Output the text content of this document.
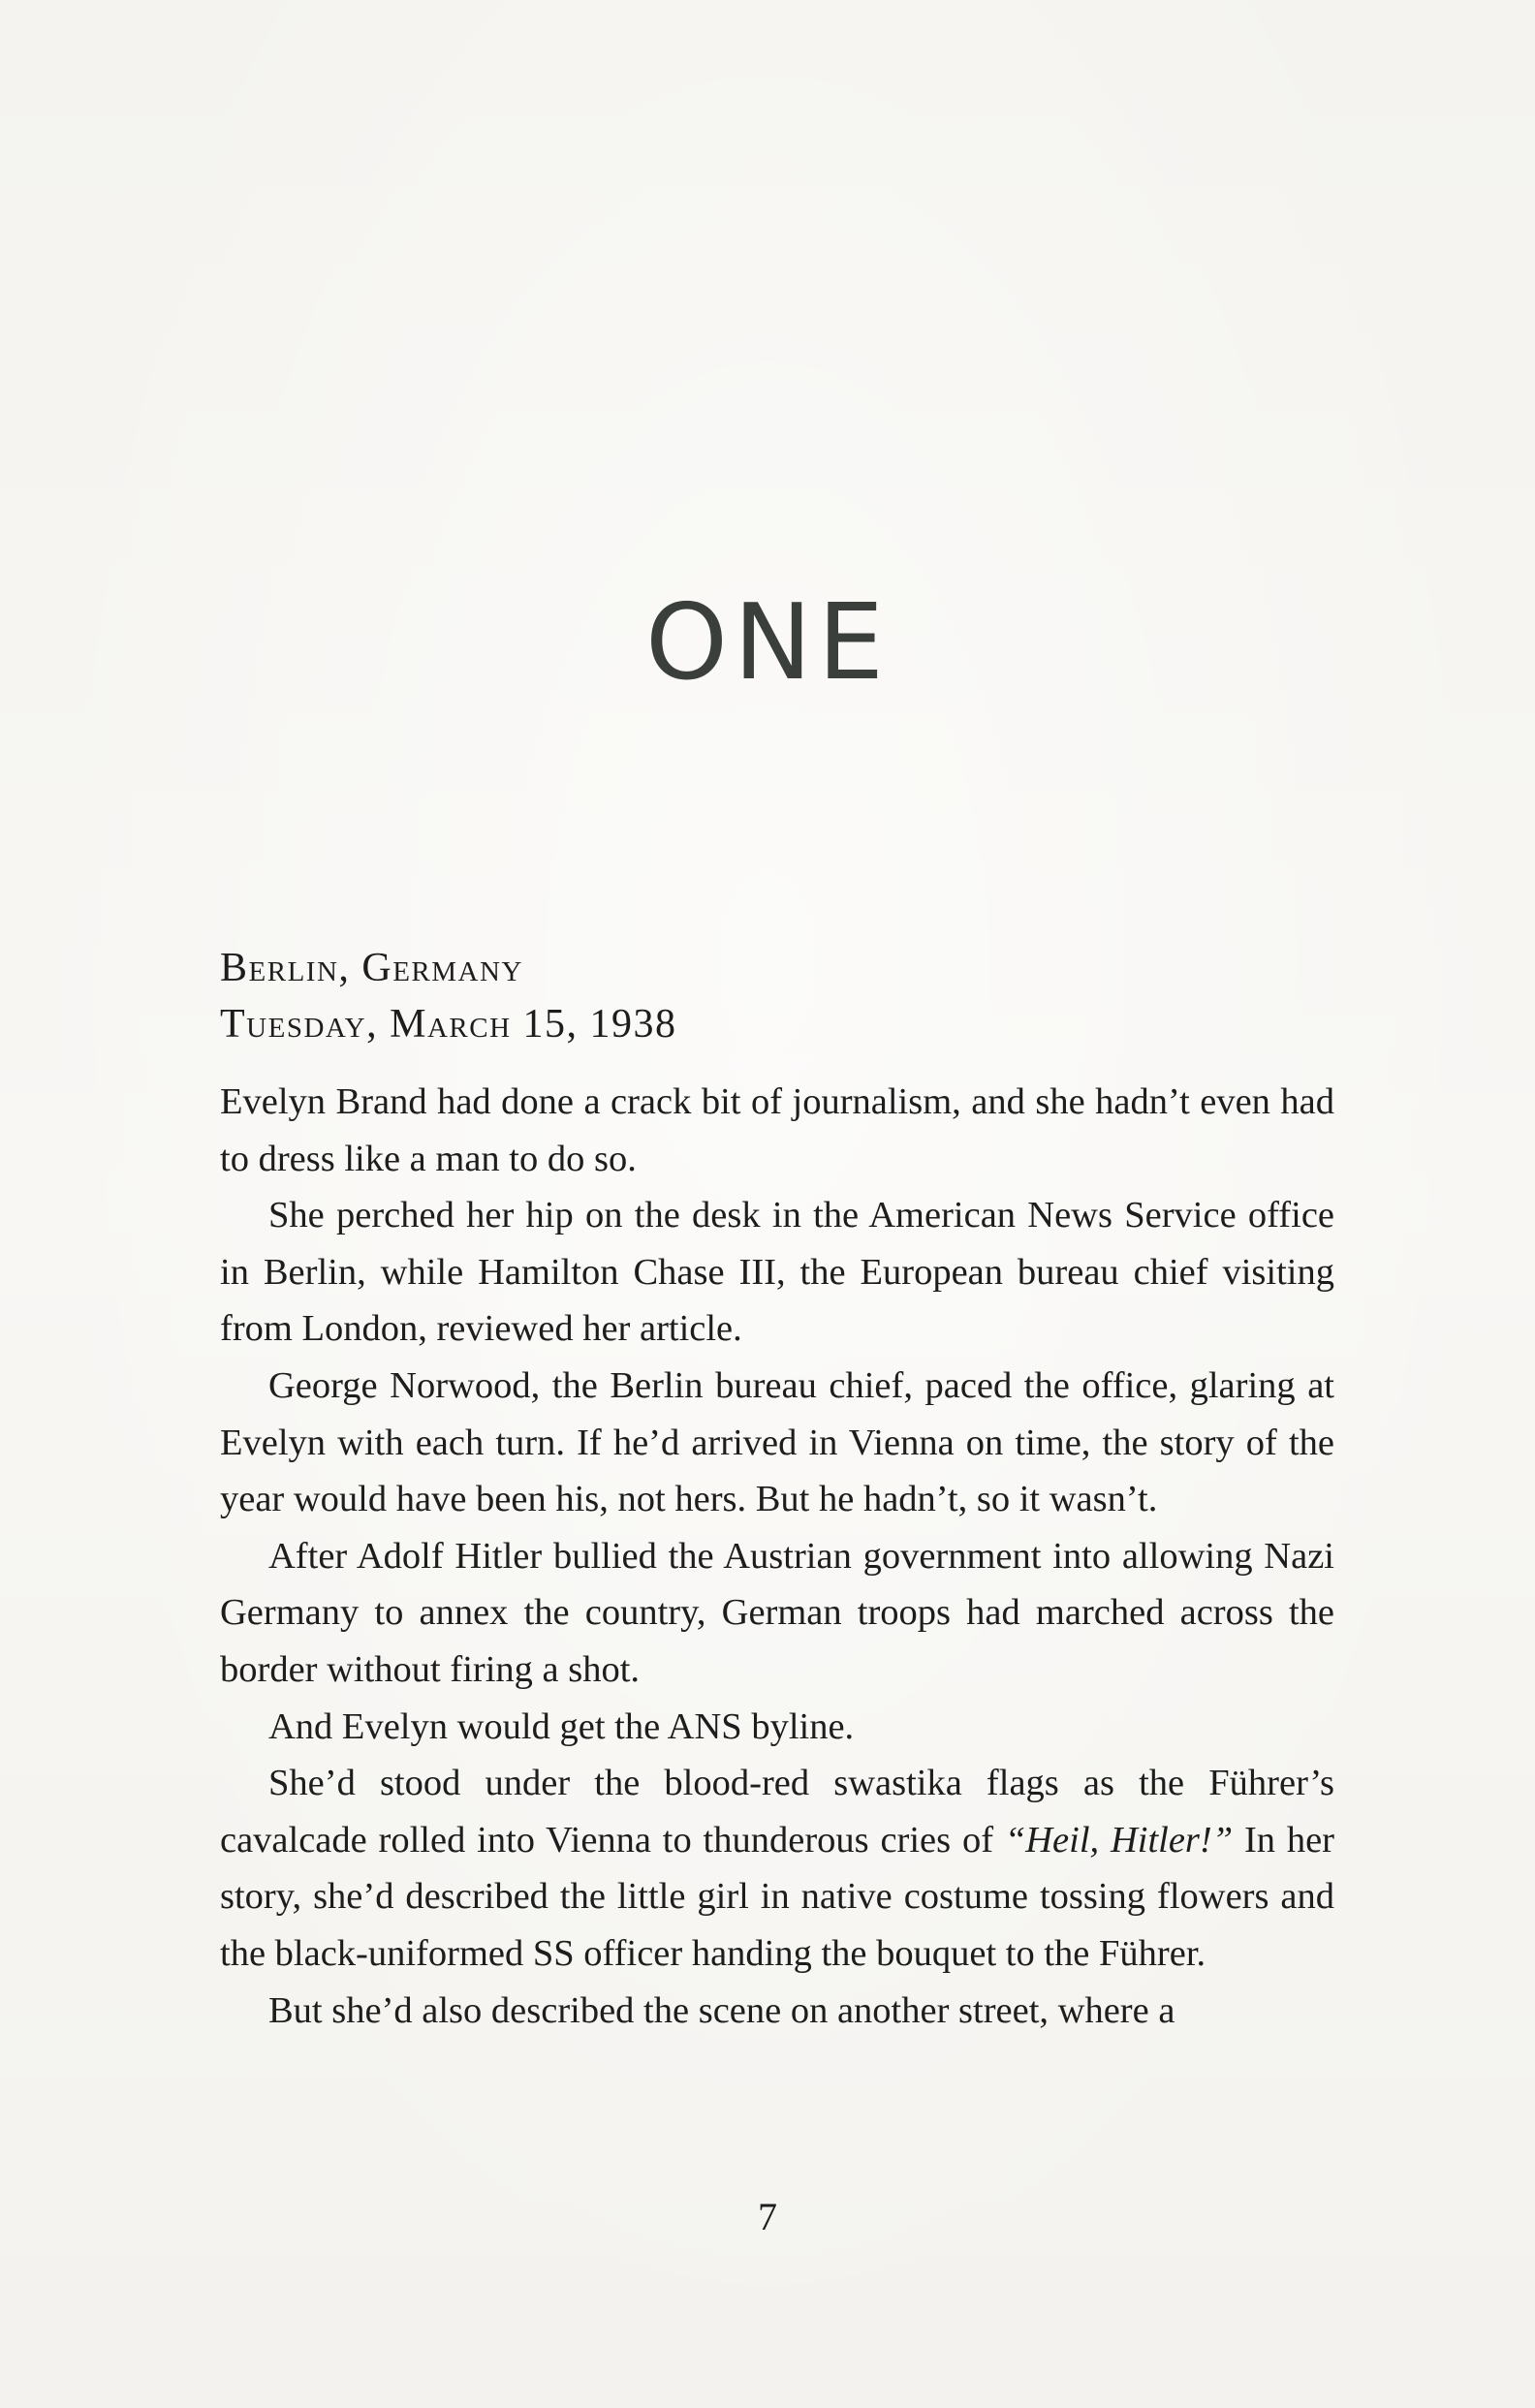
ONE
Berlin, Germany
Tuesday, March 15, 1938

Evelyn Brand had done a crack bit of journalism, and she hadn’t even had to dress like a man to do so.

She perched her hip on the desk in the American News Service office in Berlin, while Hamilton Chase III, the European bureau chief visiting from London, reviewed her article.

George Norwood, the Berlin bureau chief, paced the office, glaring at Evelyn with each turn. If he’d arrived in Vienna on time, the story of the year would have been his, not hers. But he hadn’t, so it wasn’t.

After Adolf Hitler bullied the Austrian government into allowing Nazi Germany to annex the country, German troops had marched across the border without firing a shot.

And Evelyn would get the ANS byline.

She’d stood under the blood-red swastika flags as the Führer’s cavalcade rolled into Vienna to thunderous cries of “Heil, Hitler!” In her story, she’d described the little girl in native costume tossing flowers and the black-uniformed SS officer handing the bouquet to the Führer.

But she’d also described the scene on another street, where a

7
